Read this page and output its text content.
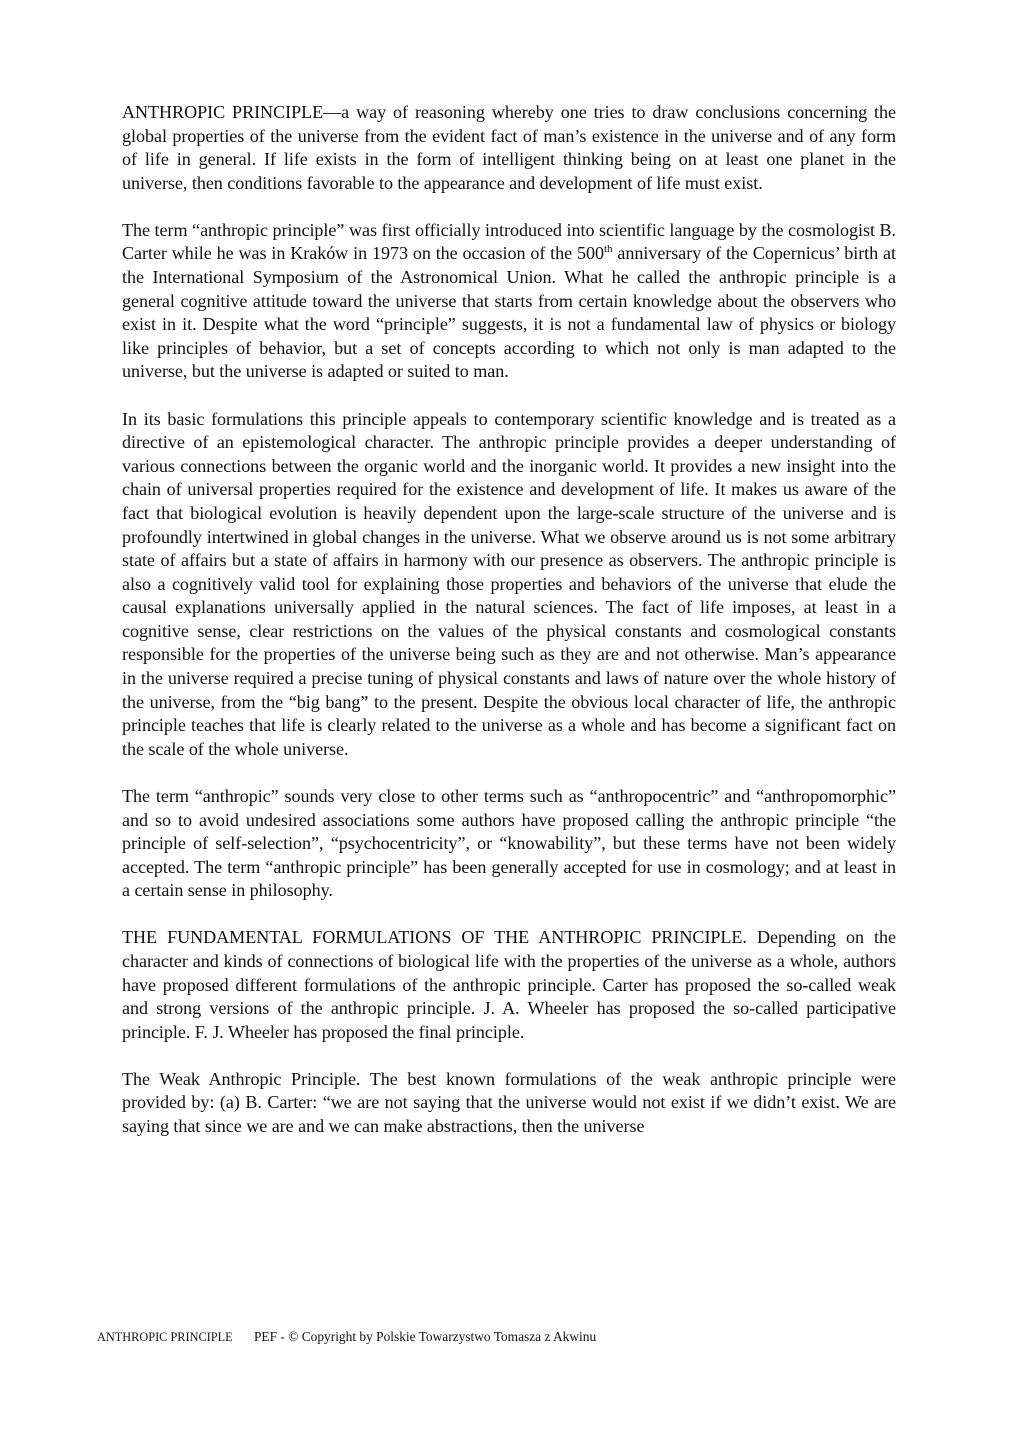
ANTHROPIC PRINCIPLE—a way of reasoning whereby one tries to draw conclusions concerning the global properties of the universe from the evident fact of man’s existence in the universe and of any form of life in general. If life exists in the form of intelligent thinking being on at least one planet in the universe, then conditions favorable to the appearance and development of life must exist.

The term “anthropic principle” was first officially introduced into scientific language by the cosmologist B. Carter while he was in Kraków in 1973 on the occasion of the 500th anniversary of the Copernicus’ birth at the International Symposium of the Astronomical Union. What he called the anthropic principle is a general cognitive attitude toward the universe that starts from certain knowledge about the observers who exist in it. Despite what the word “principle” suggests, it is not a fundamental law of physics or biology like principles of behavior, but a set of concepts according to which not only is man adapted to the universe, but the universe is adapted or suited to man.

In its basic formulations this principle appeals to contemporary scientific knowledge and is treated as a directive of an epistemological character. The anthropic principle provides a deeper understanding of various connections between the organic world and the inorganic world. It provides a new insight into the chain of universal properties required for the existence and development of life. It makes us aware of the fact that biological evolution is heavily dependent upon the large-scale structure of the universe and is profoundly intertwined in global changes in the universe. What we observe around us is not some arbitrary state of affairs but a state of affairs in harmony with our presence as observers. The anthropic principle is also a cognitively valid tool for explaining those properties and behaviors of the universe that elude the causal explanations universally applied in the natural sciences. The fact of life imposes, at least in a cognitive sense, clear restrictions on the values of the physical constants and cosmological constants responsible for the properties of the universe being such as they are and not otherwise. Man’s appearance in the universe required a precise tuning of physical constants and laws of nature over the whole history of the universe, from the “big bang” to the present. Despite the obvious local character of life, the anthropic principle teaches that life is clearly related to the universe as a whole and has become a significant fact on the scale of the whole universe.

The term “anthropic” sounds very close to other terms such as “anthropocentric” and “anthropomorphic” and so to avoid undesired associations some authors have proposed calling the anthropic principle “the principle of self-selection”, “psychocentricity”, or “knowability”, but these terms have not been widely accepted. The term “anthropic principle” has been generally accepted for use in cosmology; and at least in a certain sense in philosophy.

THE FUNDAMENTAL FORMULATIONS OF THE ANTHROPIC PRINCIPLE. Depending on the character and kinds of connections of biological life with the properties of the universe as a whole, authors have proposed different formulations of the anthropic principle. Carter has proposed the so-called weak and strong versions of the anthropic principle. J. A. Wheeler has proposed the so-called participative principle. F. J. Wheeler has proposed the final principle.

The Weak Anthropic Principle. The best known formulations of the weak anthropic principle were provided by: (a) B. Carter: “we are not saying that the universe would not exist if we didn’t exist. We are saying that since we are and we can make abstractions, then the universe

ANTHROPIC PRINCIPLE PEF - © Copyright by Polskie Towarzystwo Tomasza z Akwinu
